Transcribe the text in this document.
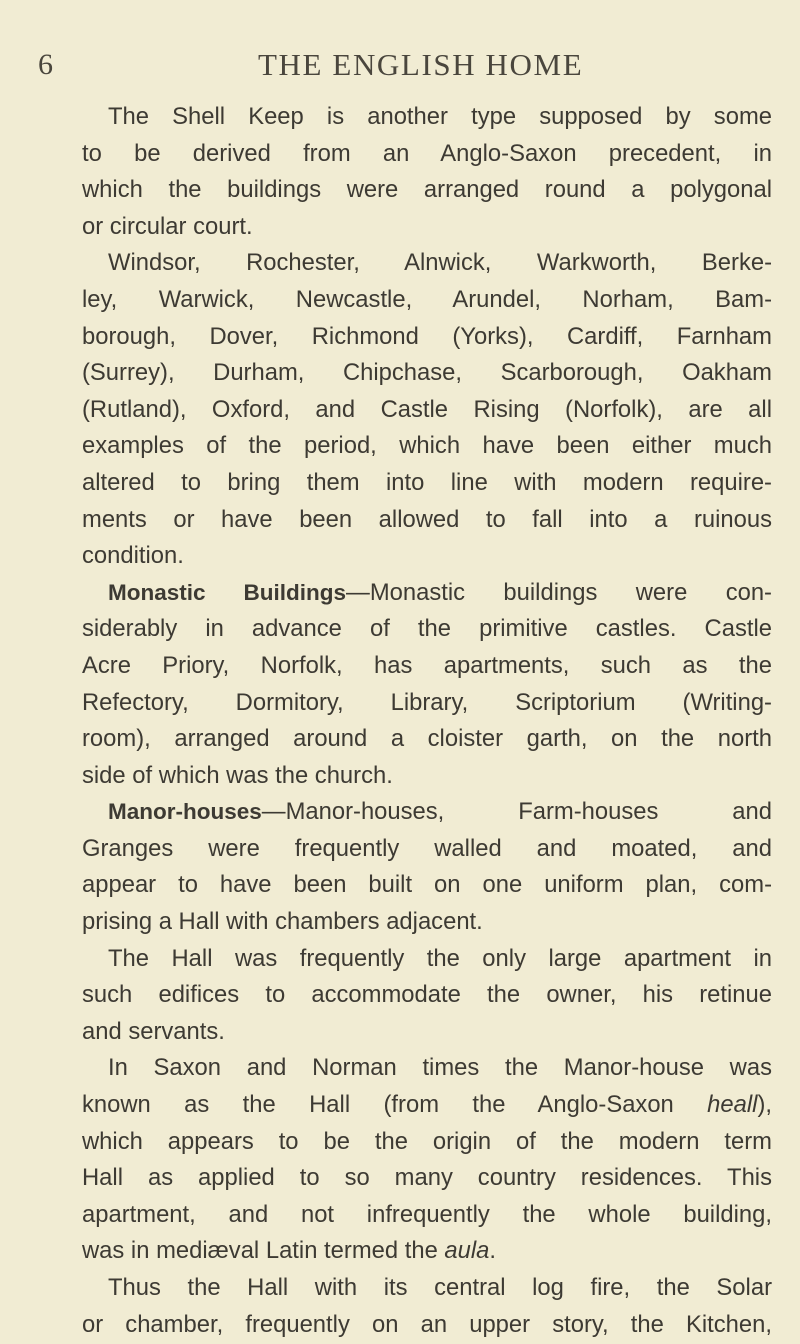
6	THE ENGLISH HOME
The Shell Keep is another type supposed by some
to be derived from an Anglo-Saxon precedent, in
which the buildings were arranged round a polygonal
or circular court.
Windsor, Rochester, Alnwick, Warkworth, Berke-
ley, Warwick, Newcastle, Arundel, Norham, Bam-
borough, Dover, Richmond (Yorks), Cardiff, Farnham
(Surrey), Durham, Chipchase, Scarborough, Oakham
(Rutland), Oxford, and Castle Rising (Norfolk), are all
examples of the period, which have been either much
altered to bring them into line with modern require-
ments or have been allowed to fall into a ruinous
condition.
Monastic Buildings—Monastic buildings were con-
siderably in advance of the primitive castles. Castle
Acre Priory, Norfolk, has apartments, such as the
Refectory, Dormitory, Library, Scriptorium (Writing-
room), arranged around a cloister garth, on the north
side of which was the church.
Manor-houses—Manor-houses, Farm-houses and
Granges were frequently walled and moated, and
appear to have been built on one uniform plan, com-
prising a Hall with chambers adjacent.
The Hall was frequently the only large apartment in
such edifices to accommodate the owner, his retinue
and servants.
In Saxon and Norman times the Manor-house was
known as the Hall (from the Anglo-Saxon heall),
which appears to be the origin of the modern term
Hall as applied to so many country residences. This
apartment, and not infrequently the whole building,
was in mediæval Latin termed the aula.
Thus the Hall with its central log fire, the Solar
or chamber, frequently on an upper story, the Kitchen,
